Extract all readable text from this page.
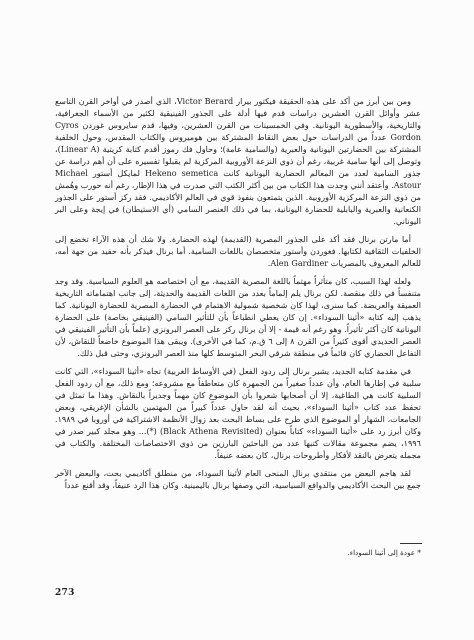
ومن بين أبرز من أكد على هذه الحقيقة فيكتور بيرار Victor Berard، الذي أصدر في أواخر القرن التاسع عشر وأوائل القرن العشرين دراسات قدم فيها أدلة على الجذور الفينيقية لكثير من الأسماء الجغرافية، والتاريخية، والأسطورية اليونانية. وفي الخمسينات من القرن العشرين، وفيها، قدم سايروس غوردن Cyros Gordon عدداً من الدراسات حول بعض النقاط المشتركة بين هوميروس والكتاب المقدس، وحول الخلفية المشتركة بين الحضارتين اليونانية والعبرية (والسامية عامة)؛ وحاول فك رموز أقدم كتابة كريتية (Linear A)، وتوصل إلى أنها سامية غربية، رغم أن ذوي النزعة الأوروبية المركزية لم يقبلوا تفسيره على أن أهم دراسة عن جذور السامية لعدد من المعالم الحضارية اليونانية كانت Hekeno semetica لمايكل أستور Michael Astour. وأعتقد أنني وجدت هذا الكتاب من بين أكثر الكتب التي صدرت في هذا الإطار، رغم أنه حورب وهُمش من ذوي النزعة المركزية الأوروبية. الذين يتمتعون بنفوذ قوي في العالم الأكاديمي. فقد ركز أستور على الجذور الكنعانية والعبرية والبابلية للحضارة اليونانية، بما في ذلك العنصر السامي (أي الاستيطان) في إيجة وعلى البر اليوناني.

أما مارتن برنال فقد أكد على الجذور المصرية (القديمة) لهذه الحضارة. ولا شك أن هذه الآراء تخضع إلى الخلفيات الثقافية لكتابها. فغوردن وأستور متخصصان باللغات السامية. أما برنال فيذكر بأنه حفيد من جهة أمه، للعالم المعروف بالمصريات Alen Gardiner.

ولعله لهذا السبب، كان متأثراً مهتماً باللغة المصرية القديمة، مع أن اختصاصه هو العلوم السياسية. وقد وجد متنفساً في ذلك منقصة. لكن برنال يلم إلماماً بعدد من اللغات القديمة والحديثة، إلى جانب اهتماماته التاريخية العميقة والعريضة. كما سنرى، لهذا كان شخصية شمولية الاهتمام في الحضارة المصرية للحضارة اليونانية. كما يذهب إليه كتابه «أثينا السوداء». إن كان يعطي انطباعاً بأن للتأثير السامي (الفينيقي بخاصة) على الحضارة اليونانية كان أكثر تأثيراً. وهو رغم أنه قيمة - إلا أن برنال ركز على العصر البرونزي (علماً بأن التأثير الفينيقي في العصر الحديدي أقوى كثيراً من القرن ٨ إلى ٦ ق.م، كما في الأخرى). ويبقى هذا الموضوع خاضعاً للنقاش، لأن التفاعل الحضاري كان قائماً في منطقة شرقي البحر المتوسط كلها منذ العصر البرونزي، وحتى قبل ذلك.

في مقدمة كتابه الجديد، يشير برنال إلى ردود الفعل (في الأوساط الغربية) تجاه «أثينا السوداء»، التي كانت سلبية في إطارها العام، وأن عدداً صغيراً من الجمهرة كان متعاطفاً مع مشروعه؛ ومع ذلك، مع أن ردود الفعل السلبية كانت هي الطاغية، إلا أن أصحابها شعروا بأن الموضوع كان مهماً وجديراً بالنقاش. وهذا ما تمثل في تحفظ عدد كتاب «أثينا السوداء»، بحيث أنه لقد حاول عدداً كبيراً من المهتمين بالشأن الإغريقي، وبعض الجامعات، الشهار أو الموضوع الذي طرح على بساط البحث بعد زوال الأنظمة الاشتراكية في أوروبا في ١٩٨٩. وكان أبرز رد على «أثينا السوداء» كتاباً بعنوان (Black Athena Revisited) (*)... وهو مجلد كبير صدر في ١٩٩٦، يضم مجموعة مقالات كتبها عدد من الباحثين البارزين من ذوي الاختصاصات المختلفة. والكتاب في مجمله يتعرض بالنقد لأفكار وأطروحات برنال، كان بعضه عنيفاً.

لقد هاجم البعض من منتقدي برنال المنحى العام لأثينا السوداء، من منطلق أكاديمي بحت، والبعض الآخر جمع بين البحث الأكاديمي والدوافع السياسية، التي وصفها برنال باليمينية. وكان هذا الرد عنيفاً، وقد أقنع عدداً

* عودة إلى أثينا السوداء.
273
